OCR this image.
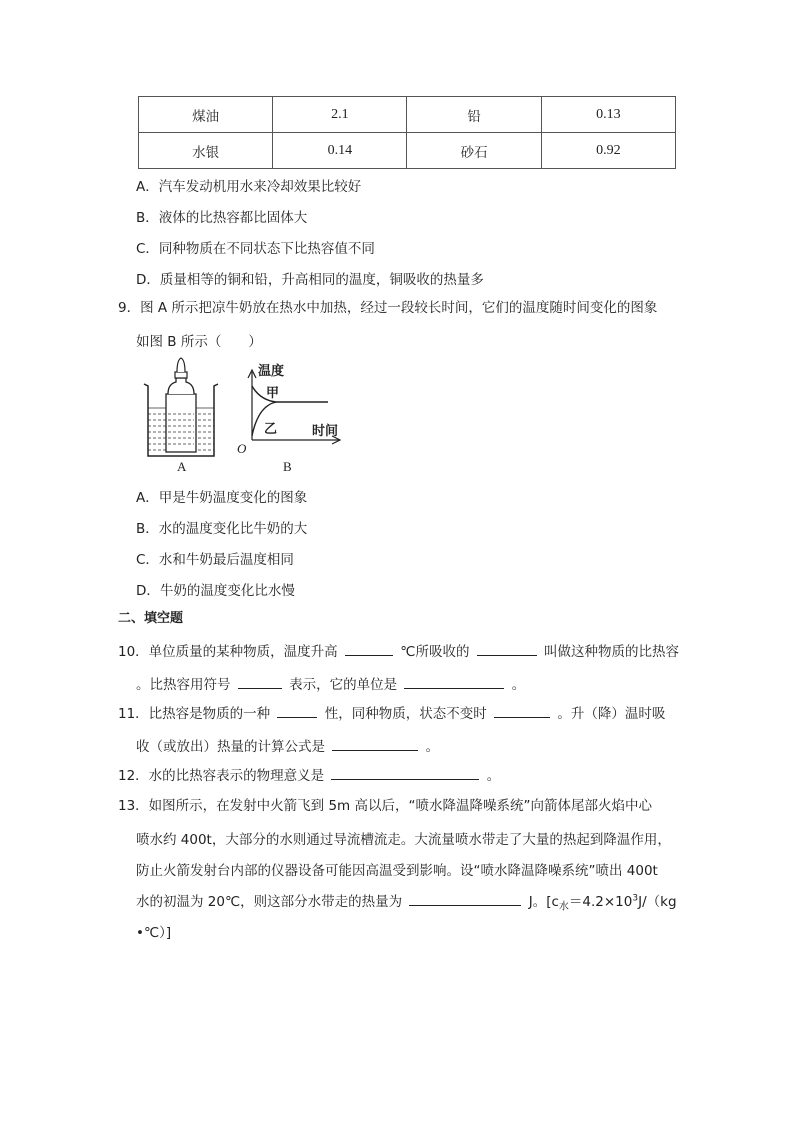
煤油	2.1	铅	0.13
水银	0.14	砂石	0.92
A．汽车发动机用水来冷却效果比较好
B．液体的比热容都比固体大
C．同种物质在不同状态下比热容值不同
D．质量相等的铜和铅，升高相同的温度，铜吸收的热量多
9．图 A 所示把凉牛奶放在热水中加热，经过一段较长时间，它们的温度随时间变化的图象
如图 B 所示（　　）
A
温度
甲
乙	时间
O
B
A．甲是牛奶温度变化的图象
B．水的温度变化比牛奶的大
C．水和牛奶最后温度相同
D．牛奶的温度变化比水慢
二、填空题
10．单位质量的某种物质，温度升高	℃所吸收的	叫做这种物质的比热容
。比热容用符号	表示，它的单位是	。
11．比热容是物质的一种	性，同种物质，状态不变时	。升（降）温时吸
收（或放出）热量的计算公式是	。
12．水的比热容表示的物理意义是	。
13．如图所示，在发射中火箭飞到 5m 高以后，“喷水降温降噪系统”向箭体尾部火焰中心
喷水约 400t，大部分的水则通过导流槽流走。大流量喷水带走了大量的热起到降温作用，
防止火箭发射台内部的仪器设备可能因高温受到影响。设“喷水降温降噪系统”喷出 400t
水的初温为 20℃，则这部分水带走的热量为	J。[$c_水=4.2\times 10^3J/(kg$
•℃）]
